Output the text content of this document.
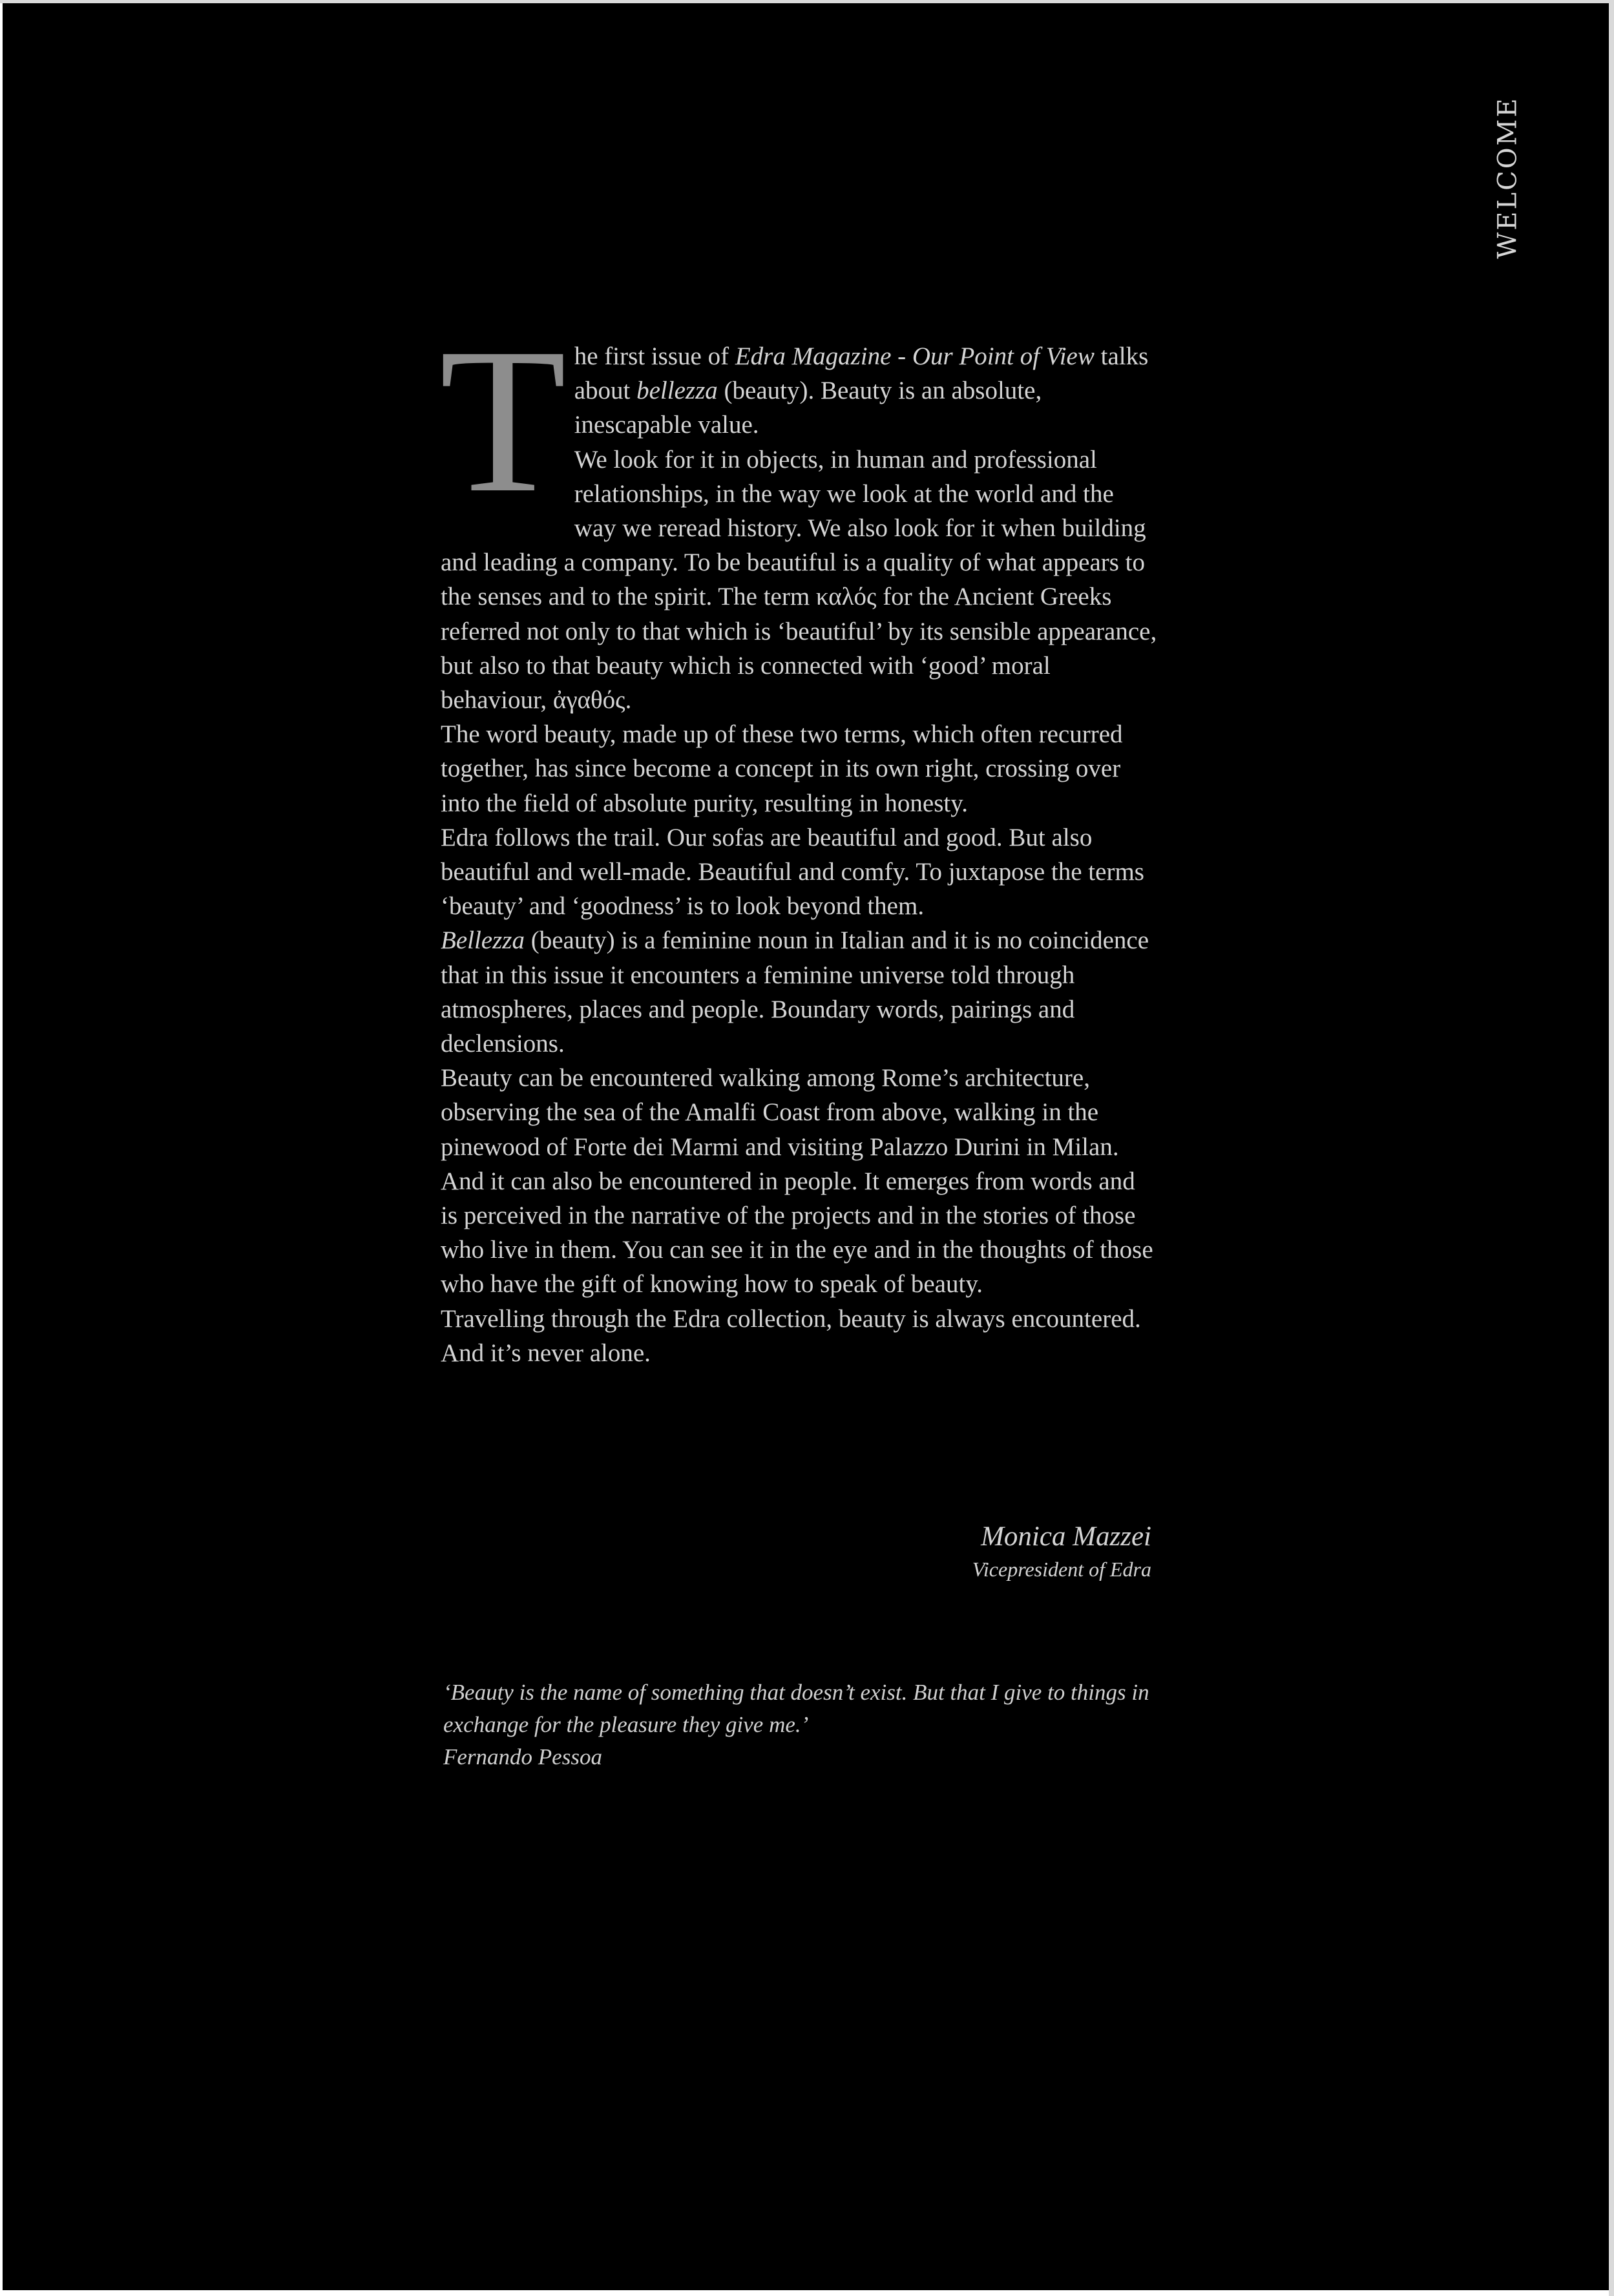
WELCOME

The first issue of Edra Magazine - Our Point of View talks about bellezza (beauty). Beauty is an absolute, inescapable value.

We look for it in objects, in human and professional relationships, in the way we look at the world and the way we reread history. We also look for it when building and leading a company. To be beautiful is a quality of what appears to the senses and to the spirit. The term καλός for the Ancient Greeks referred not only to that which is ‘beautiful’ by its sensible appearance, but also to that beauty which is connected with ‘good’ moral behaviour, ἀγαθός.

The word beauty, made up of these two terms, which often recurred together, has since become a concept in its own right, crossing over into the field of absolute purity, resulting in honesty.

Edra follows the trail. Our sofas are beautiful and good. But also beautiful and well-made. Beautiful and comfy. To juxtapose the terms ‘beauty’ and ‘goodness’ is to look beyond them.

Bellezza (beauty) is a feminine noun in Italian and it is no coincidence that in this issue it encounters a feminine universe told through atmospheres, places and people. Boundary words, pairings and declensions.

Beauty can be encountered walking among Rome’s architecture, observing the sea of the Amalfi Coast from above, walking in the pinewood of Forte dei Marmi and visiting Palazzo Durini in Milan.

And it can also be encountered in people. It emerges from words and is perceived in the narrative of the projects and in the stories of those who live in them. You can see it in the eye and in the thoughts of those who have the gift of knowing how to speak of beauty.

Travelling through the Edra collection, beauty is always encountered. And it’s never alone.

Monica Mazzei
Vicepresident of Edra

‘Beauty is the name of something that doesn’t exist. But that I give to things in exchange for the pleasure they give me.’

Fernando Pessoa
